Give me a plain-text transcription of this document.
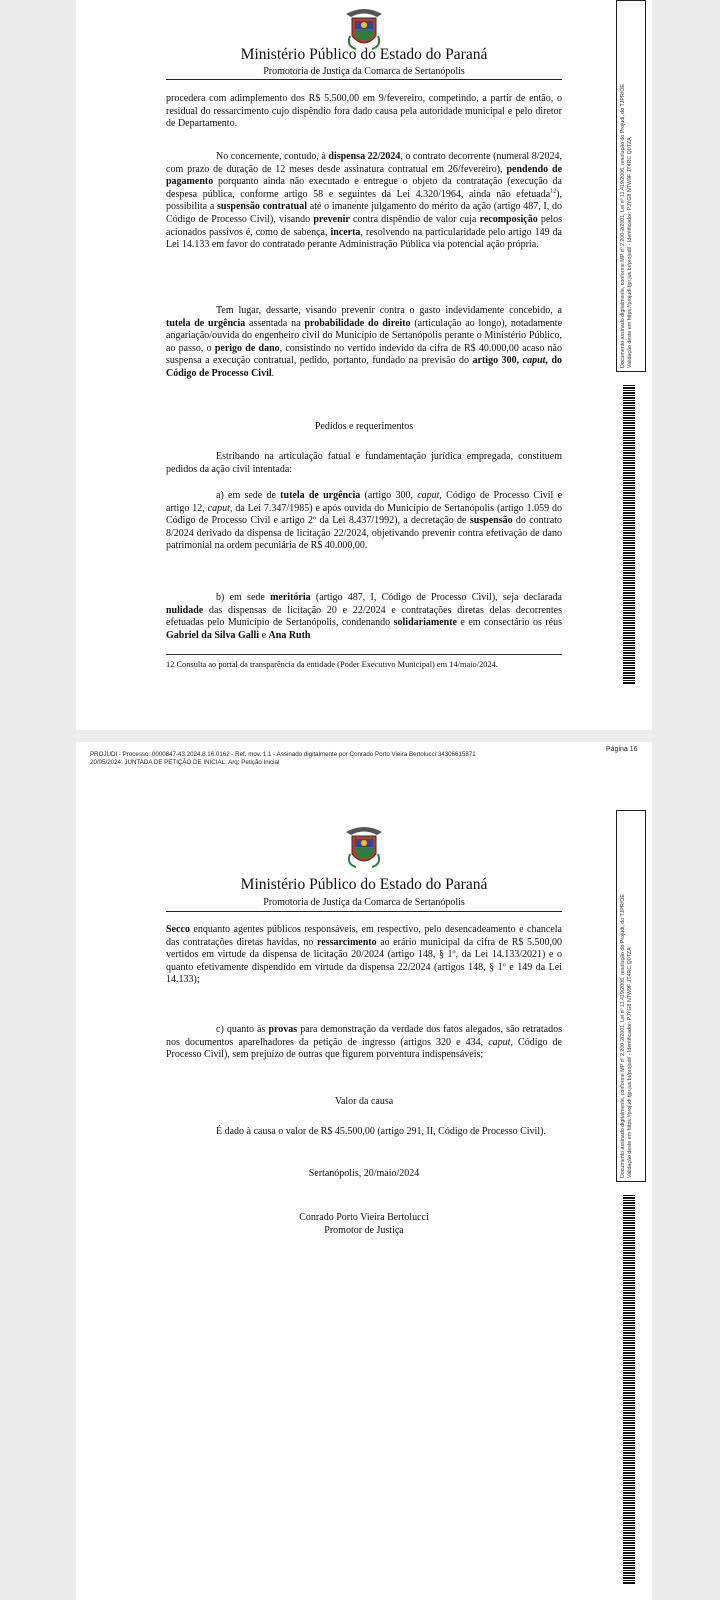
Ministério Público do Estado do Paraná
Promotoria de Justiça da Comarca de Sertanópolis
procedera com adimplemento dos R$ 5.500,00 em 9/fevereiro, competindo, a partir de então, o residual do ressarcimento cujo dispêndio fora dado causa pela autoridade municipal e pelo diretor de Departamento.
No concernente, contudo, à dispensa 22/2024, o contrato decorrente (numeral 8/2024, com prazo de duração de 12 meses desde assinatura contratual em 26/fevereiro), pendendo de pagamento porquanto ainda não executado e entregue o objeto da contratação (execução da despesa pública, conforme artigo 58 e seguintes da Lei 4.320/1964, ainda não efetuada$^{12}$), possibilita a suspensão contratual até o imanente julgamento do mérito da ação (artigo 487, I, do Código de Processo Civil), visando prevenir contra dispêndio de valor cuja recomposição pelos acionados passivos é, como de sabença, incerta, resolvendo na particularidade pelo artigo 149 da Lei 14.133 em favor do contratado perante Administração Pública via potencial ação própria.
Tem lugar, dessarte, visando prevenir contra o gasto indevidamente concebido, a tutela de urgência assentada na probabilidade do direito (articulação ao longo), notadamente angariação/ouvida do engenheiro civil do Município de Sertanópolis perante o Ministério Público, ao passo, o perigo de dano, consistindo no vertido indevido da cifra de R$ 40.000,00 acaso não suspensa a execução contratual, pedido, portanto, fundado na previsão do artigo 300, caput, do Código de Processo Civil.
Pedidos e requerimentos
Estribando na articulação fatual e fundamentação jurídica empregada, constituem pedidos da ação civil intentada:
a) em sede de tutela de urgência (artigo 300, caput, Código de Processo Civil e artigo 12, caput, da Lei 7.347/1985) e após ouvida do Município de Sertanópolis (artigo 1.059 do Código de Processo Civil e artigo 2º da Lei 8.437/1992), a decretação de suspensão do contrato 8/2024 derivado da dispensa de licitação 22/2024, objetivando prevenir contra efetivação de dano patrimonial na ordem pecuniária de R$ 40.000,00.
b) em sede meritória (artigo 487, I, Código de Processo Civil), seja declarada nulidade das dispensas de licitação 20 e 22/2024 e contratações diretas delas decorrentes efetuadas pelo Município de Sertanópolis, condenando solidariamente e em consectário os réus Gabriel da Silva Galli e Ana Ruth
12 Consulta ao portal da transparência da entidade (Poder Executivo Municipal) em 14/maio/2024.
Documento assinado digitalmente, conforme MP nº 2.200-2/2001, Lei nº 11.419/2006, resolução do Projudi, do TJPR/OE Validação deste em https://projudi.tjpr.jus.br/projudi/ - Identificador: PJYG8 NTW9F JT4RC Q0TZA
PROJUDI - Processo: 0000847-43.2024.8.16.0162 - Ref. mov. 1.1 - Assinado digitalmente por Conrado Porto Vieira Bertolucci:34306615871
20/05/2024: JUNTADA DE PETIÇÃO DE INICIAL. Arq: Petição Inicial
Página 16
Ministério Público do Estado do Paraná
Promotoria de Justiça da Comarca de Sertanópolis
Secco enquanto agentes públicos responsáveis, em respectivo, pelo desencadeamento e chancela das contratações diretas havidas, no ressarcimento ao erário municipal da cifra de R$ 5.500,00 vertidos em virtude da dispensa de licitação 20/2024 (artigo 148, § 1º, da Lei 14.133/2021) e o quanto efetivamente dispendido em virtude da dispensa 22/2024 (artigos 148, § 1º e 149 da Lei 14.133);
c) quanto às provas para demonstração da verdade dos fatos alegados, são retratados nos documentos aparelhadores da petição de ingresso (artigos 320 e 434, caput, Código de Processo Civil), sem prejuízo de outras que figurem porventura indispensáveis;
Valor da causa
É dado à causa o valor de R$ 45.500,00 (artigo 291, II, Código de Processo Civil).
Sertanópolis, 20/maio/2024
Conrado Porto Vieira Bertolucci
Promotor de Justiça
Documento assinado digitalmente, conforme MP nº 2.200-2/2001, Lei nº 11.419/2006, resolução do Projudi, do TJPR/OE Validação deste em https://projudi.tjpr.jus.br/projudi/ - Identificador: PJYG8 NTW9F JT4RC Q0TZA
